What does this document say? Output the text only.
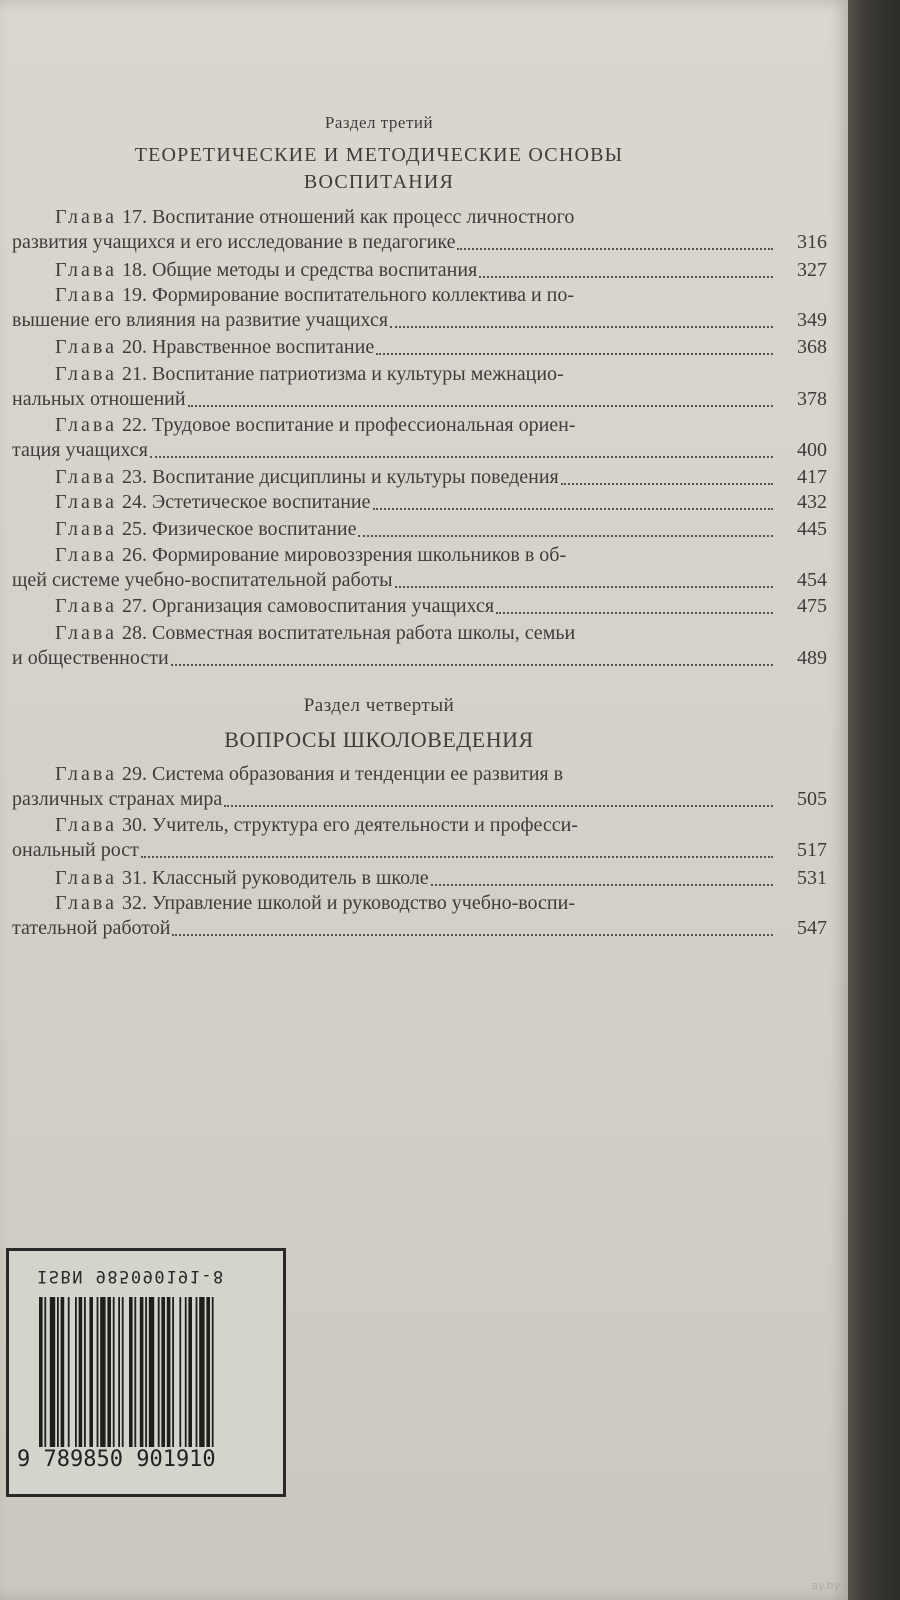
Раздел третий
ТЕОРЕТИЧЕСКИЕ И МЕТОДИЧЕСКИЕ ОСНОВЫ
ВОСПИТАНИЯ
Глава 17. Воспитание отношений как процесс личностного
развития учащихся и его исследование в педагогике	316
Глава 18. Общие методы и средства воспитания	327
Глава 19. Формирование воспитательного коллектива и по-
вышение его влияния на развитие учащихся	349
Глава 20. Нравственное воспитание	368
Глава 21. Воспитание патриотизма и культуры межнацио-
нальных отношений	378
Глава 22. Трудовое воспитание и профессиональная ориен-
тация учащихся	400
Глава 23. Воспитание дисциплины и культуры поведения	417
Глава 24. Эстетическое воспитание	432
Глава 25. Физическое воспитание	445
Глава 26. Формирование мировоззрения школьников в об-
щей системе учебно-воспитательной работы	454
Глава 27. Организация самовоспитания учащихся	475
Глава 28. Совместная воспитательная работа школы, семьи
и общественности	489
Раздел четвертый
ВОПРОСЫ ШКОЛОВЕДЕНИЯ
Глава 29. Система образования и тенденции ее развития в
различных странах мира	505
Глава 30. Учитель, структура его деятельности и професси-
ональный рост	517
Глава 31. Классный руководитель в школе	531
Глава 32. Управление школой и руководство учебно-воспи-
тательной работой	547
ISBN 985090191-8
9 789850 901910
ay.by
